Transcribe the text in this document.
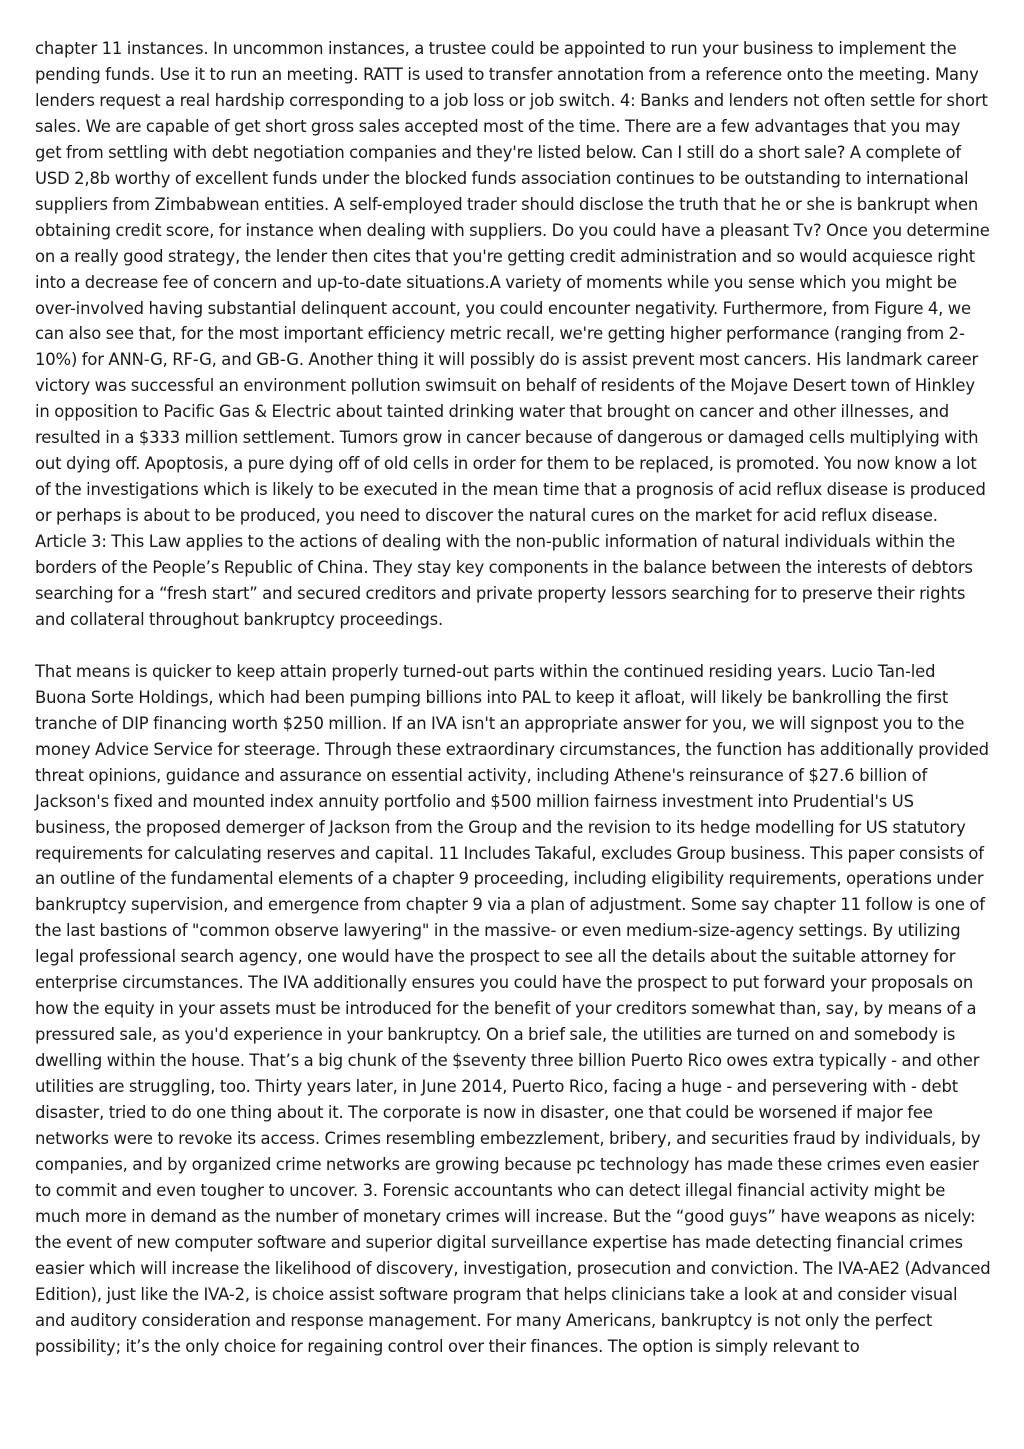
chapter 11 instances. In uncommon instances, a trustee could be appointed to run your business to implement the pending funds. Use it to run an meeting. RATT is used to transfer annotation from a reference onto the meeting. Many lenders request a real hardship corresponding to a job loss or job switch. 4: Banks and lenders not often settle for short sales. We are capable of get short gross sales accepted most of the time. There are a few advantages that you may get from settling with debt negotiation companies and they're listed below. Can I still do a short sale? A complete of USD 2,8b worthy of excellent funds under the blocked funds association continues to be outstanding to international suppliers from Zimbabwean entities. A self-employed trader should disclose the truth that he or she is bankrupt when obtaining credit score, for instance when dealing with suppliers. Do you could have a pleasant Tv? Once you determine on a really good strategy, the lender then cites that you're getting credit administration and so would acquiesce right into a decrease fee of concern and up-to-date situations.A variety of moments while you sense which you might be over-involved having substantial delinquent account, you could encounter negativity. Furthermore, from Figure 4, we can also see that, for the most important efficiency metric recall, we're getting higher performance (ranging from 2-10%) for ANN-G, RF-G, and GB-G. Another thing it will possibly do is assist prevent most cancers. His landmark career victory was successful an environment pollution swimsuit on behalf of residents of the Mojave Desert town of Hinkley in opposition to Pacific Gas & Electric about tainted drinking water that brought on cancer and other illnesses, and resulted in a $333 million settlement. Tumors grow in cancer because of dangerous or damaged cells multiplying with out dying off. Apoptosis, a pure dying off of old cells in order for them to be replaced, is promoted. You now know a lot of the investigations which is likely to be executed in the mean time that a prognosis of acid reflux disease is produced or perhaps is about to be produced, you need to discover the natural cures on the market for acid reflux disease. Article 3: This Law applies to the actions of dealing with the non-public information of natural individuals within the borders of the People’s Republic of China. They stay key components in the balance between the interests of debtors searching for a “fresh start” and secured creditors and private property lessors searching for to preserve their rights and collateral throughout bankruptcy proceedings.

That means is quicker to keep attain properly turned-out parts within the continued residing years. Lucio Tan-led Buona Sorte Holdings, which had been pumping billions into PAL to keep it afloat, will likely be bankrolling the first tranche of DIP financing worth $250 million. If an IVA isn't an appropriate answer for you, we will signpost you to the money Advice Service for steerage. Through these extraordinary circumstances, the function has additionally provided threat opinions, guidance and assurance on essential activity, including Athene's reinsurance of $27.6 billion of Jackson's fixed and mounted index annuity portfolio and $500 million fairness investment into Prudential's US business, the proposed demerger of Jackson from the Group and the revision to its hedge modelling for US statutory requirements for calculating reserves and capital. 11 Includes Takaful, excludes Group business. This paper consists of an outline of the fundamental elements of a chapter 9 proceeding, including eligibility requirements, operations under bankruptcy supervision, and emergence from chapter 9 via a plan of adjustment. Some say chapter 11 follow is one of the last bastions of "common observe lawyering" in the massive- or even medium-size-agency settings. By utilizing legal professional search agency, one would have the prospect to see all the details about the suitable attorney for enterprise circumstances. The IVA additionally ensures you could have the prospect to put forward your proposals on how the equity in your assets must be introduced for the benefit of your creditors somewhat than, say, by means of a pressured sale, as you'd experience in your bankruptcy. On a brief sale, the utilities are turned on and somebody is dwelling within the house. That’s a big chunk of the $seventy three billion Puerto Rico owes extra typically - and other utilities are struggling, too. Thirty years later, in June 2014, Puerto Rico, facing a huge - and persevering with - debt disaster, tried to do one thing about it. The corporate is now in disaster, one that could be worsened if major fee networks were to revoke its access. Crimes resembling embezzlement, bribery, and securities fraud by individuals, by companies, and by organized crime networks are growing because pc technology has made these crimes even easier to commit and even tougher to uncover. 3. Forensic accountants who can detect illegal financial activity might be much more in demand as the number of monetary crimes will increase. But the “good guys” have weapons as nicely: the event of new computer software and superior digital surveillance expertise has made detecting financial crimes easier which will increase the likelihood of discovery, investigation, prosecution and conviction. The IVA-AE2 (Advanced Edition), just like the IVA-2, is choice assist software program that helps clinicians take a look at and consider visual and auditory consideration and response management. For many Americans, bankruptcy is not only the perfect possibility; it’s the only choice for regaining control over their finances. The option is simply relevant to
